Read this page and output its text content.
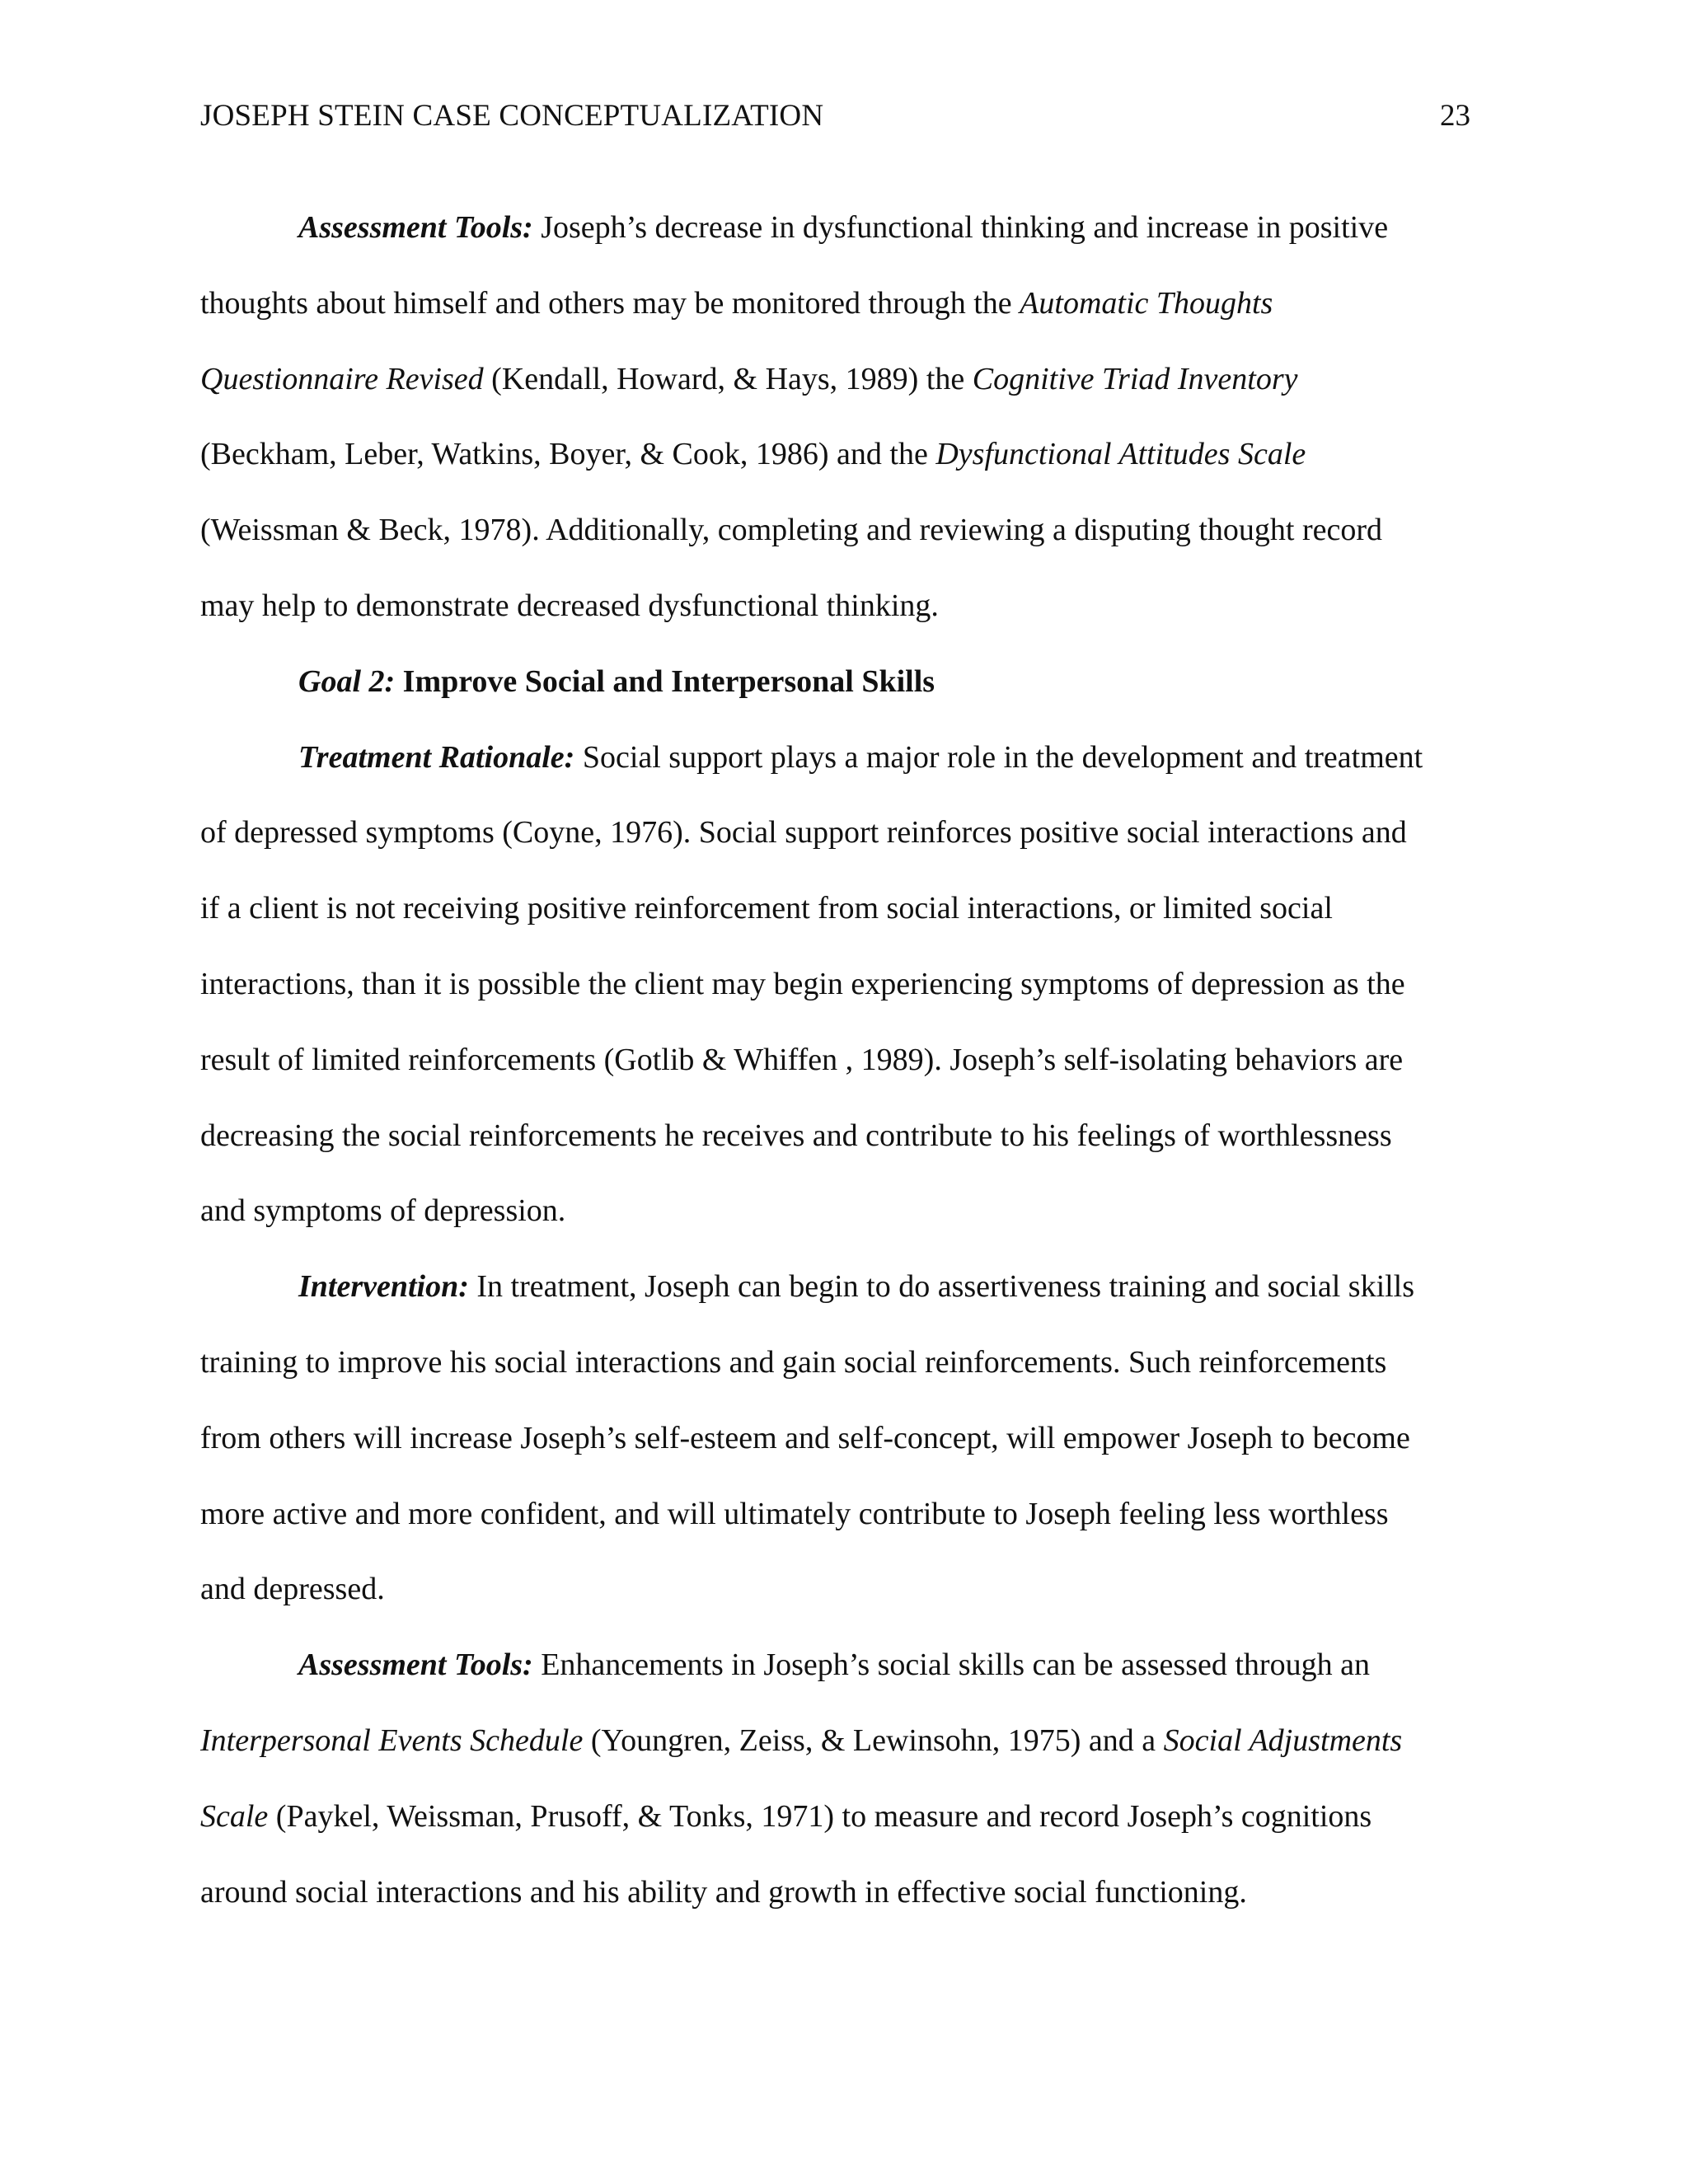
JOSEPH STEIN CASE CONCEPTUALIZATION	23
Assessment Tools: Joseph’s decrease in dysfunctional thinking and increase in positive
thoughts about himself and others may be monitored through the Automatic Thoughts
Questionnaire Revised (Kendall, Howard, & Hays, 1989) the Cognitive Triad Inventory
(Beckham, Leber, Watkins, Boyer, & Cook, 1986) and the Dysfunctional Attitudes Scale
(Weissman & Beck, 1978). Additionally, completing and reviewing a disputing thought record
may help to demonstrate decreased dysfunctional thinking.
Goal 2: Improve Social and Interpersonal Skills
Treatment Rationale: Social support plays a major role in the development and treatment
of depressed symptoms (Coyne, 1976). Social support reinforces positive social interactions and
if a client is not receiving positive reinforcement from social interactions, or limited social
interactions, than it is possible the client may begin experiencing symptoms of depression as the
result of limited reinforcements (Gotlib & Whiffen , 1989). Joseph’s self-isolating behaviors are
decreasing the social reinforcements he receives and contribute to his feelings of worthlessness
and symptoms of depression.
Intervention: In treatment, Joseph can begin to do assertiveness training and social skills
training to improve his social interactions and gain social reinforcements. Such reinforcements
from others will increase Joseph’s self-esteem and self-concept, will empower Joseph to become
more active and more confident, and will ultimately contribute to Joseph feeling less worthless
and depressed.
Assessment Tools: Enhancements in Joseph’s social skills can be assessed through an
Interpersonal Events Schedule (Youngren, Zeiss, & Lewinsohn, 1975) and a Social Adjustments
Scale (Paykel, Weissman, Prusoff, & Tonks, 1971) to measure and record Joseph’s cognitions
around social interactions and his ability and growth in effective social functioning.
